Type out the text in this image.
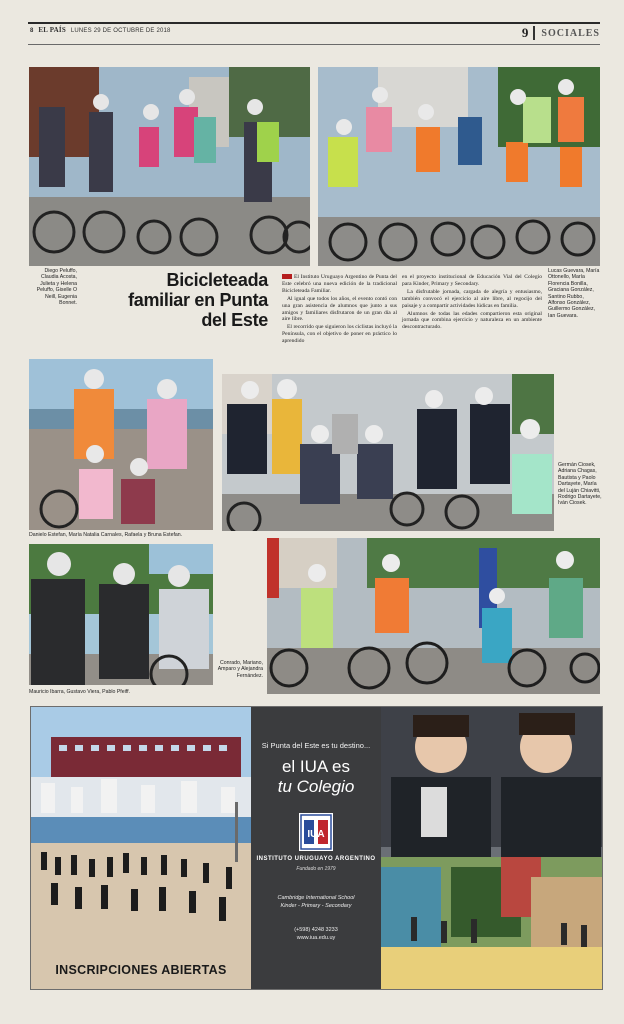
8 EL PAÍS LUNES 29 DE OCTUBRE DE 2018	9	SOCIALES
Diego Peluffo, Claudia Acosta, Julieta y Helena Peluffo, Giselle O Neill, Eugenia Bonnet.
Lucas Guevara, María Ottonello, María Florencia Bonilla, Graciana González, Santino Rubbo, Alfonso González, Guillermo González, Ian Guevara.
Bicicleteada familiar en Punta del Este

El Instituto Uruguayo Argentino de Punta del Este celebró una nueva edición de la tradicional Bicicleteada Familiar.

Al igual que todos los años, el evento contó con una gran asistencia de alumnos que junto a sus amigos y familiares disfrutaron de un gran día al aire libre.

El recorrido que siguieron los ciclistas incluyó la Península, con el objetivo de poner en práctico lo aprendido

en el proyecto institucional de Educación Vial del Colegio para Kinder, Primary y Secondary.

La disfrutable jornada, cargada de alegría y entusiasmo, también convocó el ejercicio al aire libre, al regocijo del paisaje y a compartir actividades lúdicas en familia.

Alumnos de todas las edades compartieron esta original jornada que combina ejercicio y naturaleza en un ambiente descontracturado.

Danielo Estefan, María Natalia Carnales, Rafaela y Bruna Estefan.
Germán Ciosek, Adriana Chagas, Bautista y Paolo Dartayete, María del Luján Chiavitti, Rodrigo Dartayete, Iván Ciosek.
Mauricio Ibarra, Gustavo Viera, Pablo Pfeiff.
Conrado, Mariano, Amparo y Alejandra Fernández.
INSCRIPCIONES ABIERTAS
Si Punta del Este es tu destino...
el IUA es
tu Colegio
IUA
INSTITUTO URUGUAYO ARGENTINO
Fundado en 1979
Cambridge International School
Kinder - Primary - Secondary
(+598) 4248 3233
www.iua.edu.uy
